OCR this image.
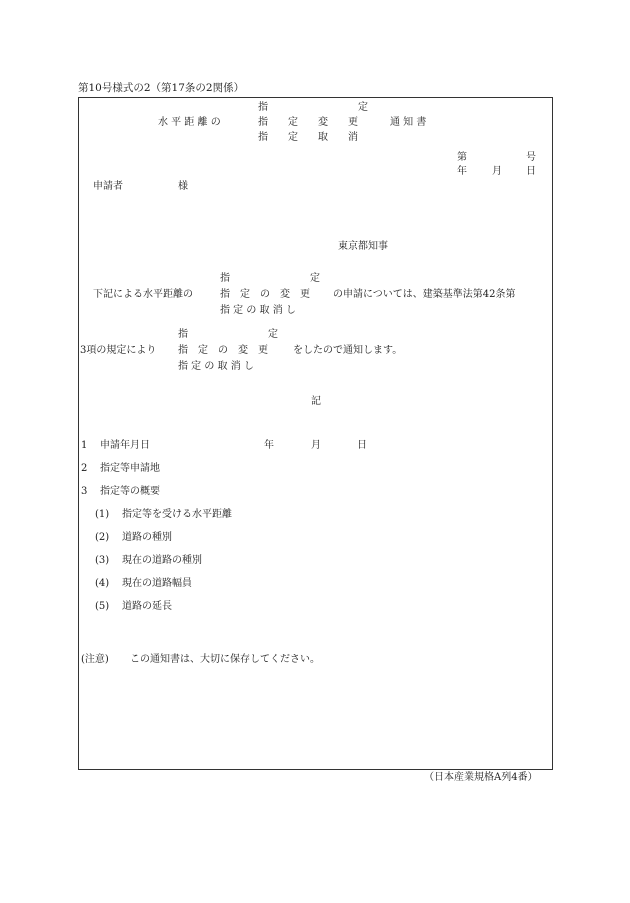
第10号様式の2（第17条の2関係）
水 平 距 離 の
指　　　　　　　　　定
指　　定　　変　　更
指　　定　　取　　消
通 知 書
第	号
年	月 日
申請者	様
東京都知事
指　　　　　　　　定
下記による水平距離の	指　定　の　変　更 の申請については、建築基準法第42条第
指 定 の 取 消 し
指　　　　　　　　定
3項の規定により 指　定　の　変　更	をしたので通知します。
指 定 の 取 消 し
記
1 申請年月日	年	月	日
2 指定等申請地
3 指定等の概要
(1) 指定等を受ける水平距離
(2) 道路の種別
(3) 現在の道路の種別
(4) 現在の道路幅員
(5) 道路の延長
(注意) この通知書は、大切に保存してください。
（日本産業規格A列4番）
